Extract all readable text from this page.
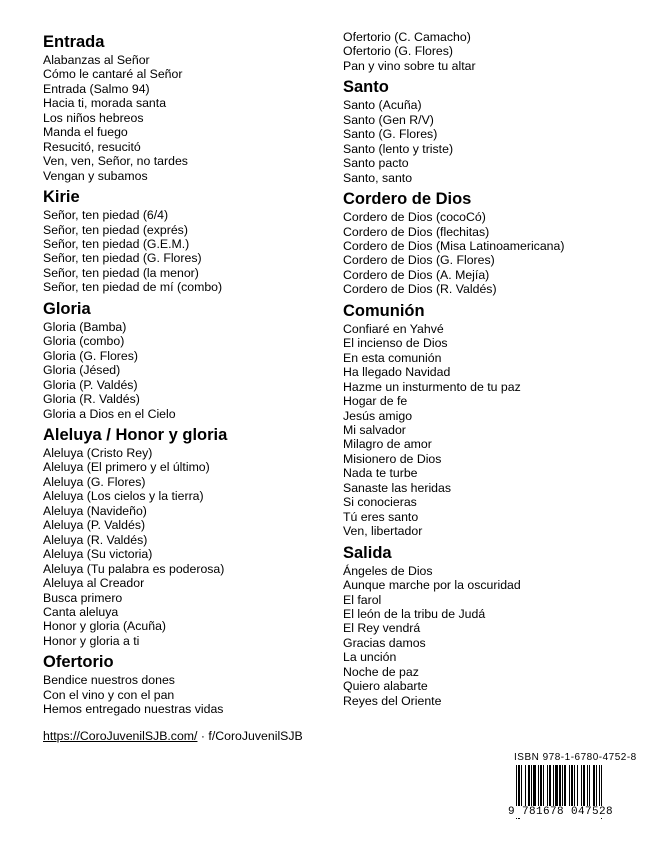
Entrada
Alabanzas al Señor
Cómo le cantaré al Señor
Entrada (Salmo 94)
Hacia ti, morada santa
Los niños hebreos
Manda el fuego
Resucitó, resucitó
Ven, ven, Señor, no tardes
Vengan y subamos
Kirie
Señor, ten piedad (6/4)
Señor, ten piedad (exprés)
Señor, ten piedad (G.E.M.)
Señor, ten piedad (G. Flores)
Señor, ten piedad (la menor)
Señor, ten piedad de mí (combo)
Gloria
Gloria (Bamba)
Gloria (combo)
Gloria (G. Flores)
Gloria (Jésed)
Gloria (P. Valdés)
Gloria (R. Valdés)
Gloria a Dios en el Cielo
Aleluya / Honor y gloria
Aleluya (Cristo Rey)
Aleluya (El primero y el último)
Aleluya (G. Flores)
Aleluya (Los cielos y la tierra)
Aleluya (Navideño)
Aleluya (P. Valdés)
Aleluya (R. Valdés)
Aleluya (Su victoria)
Aleluya (Tu palabra es poderosa)
Aleluya al Creador
Busca primero
Canta aleluya
Honor y gloria (Acuña)
Honor y gloria a ti
Ofertorio
Bendice nuestros dones
Con el vino y con el pan
Hemos entregado nuestras vidas
Ofertorio (C. Camacho)
Ofertorio (G. Flores)
Pan y vino sobre tu altar
Santo
Santo (Acuña)
Santo (Gen R/V)
Santo (G. Flores)
Santo (lento y triste)
Santo pacto
Santo, santo
Cordero de Dios
Cordero de Dios (cocoCó)
Cordero de Dios (flechitas)
Cordero de Dios (Misa Latinoamericana)
Cordero de Dios (G. Flores)
Cordero de Dios (A. Mejía)
Cordero de Dios (R. Valdés)
Comunión
Confiaré en Yahvé
El incienso de Dios
En esta comunión
Ha llegado Navidad
Hazme un insturmento de tu paz
Hogar de fe
Jesús amigo
Mi salvador
Milagro de amor
Misionero de Dios
Nada te turbe
Sanaste las heridas
Si conocieras
Tú eres santo
Ven, libertador
Salida
Ángeles de Dios
Aunque marche por la oscuridad
El farol
El león de la tribu de Judá
El Rey vendrá
Gracias damos
La unción
Noche de paz
Quiero alabarte
Reyes del Oriente
https://CoroJuvenilSJB.com/ · f/CoroJuvenilSJB
ISBN 978-1-6780-4752-8
9 781678 047528
